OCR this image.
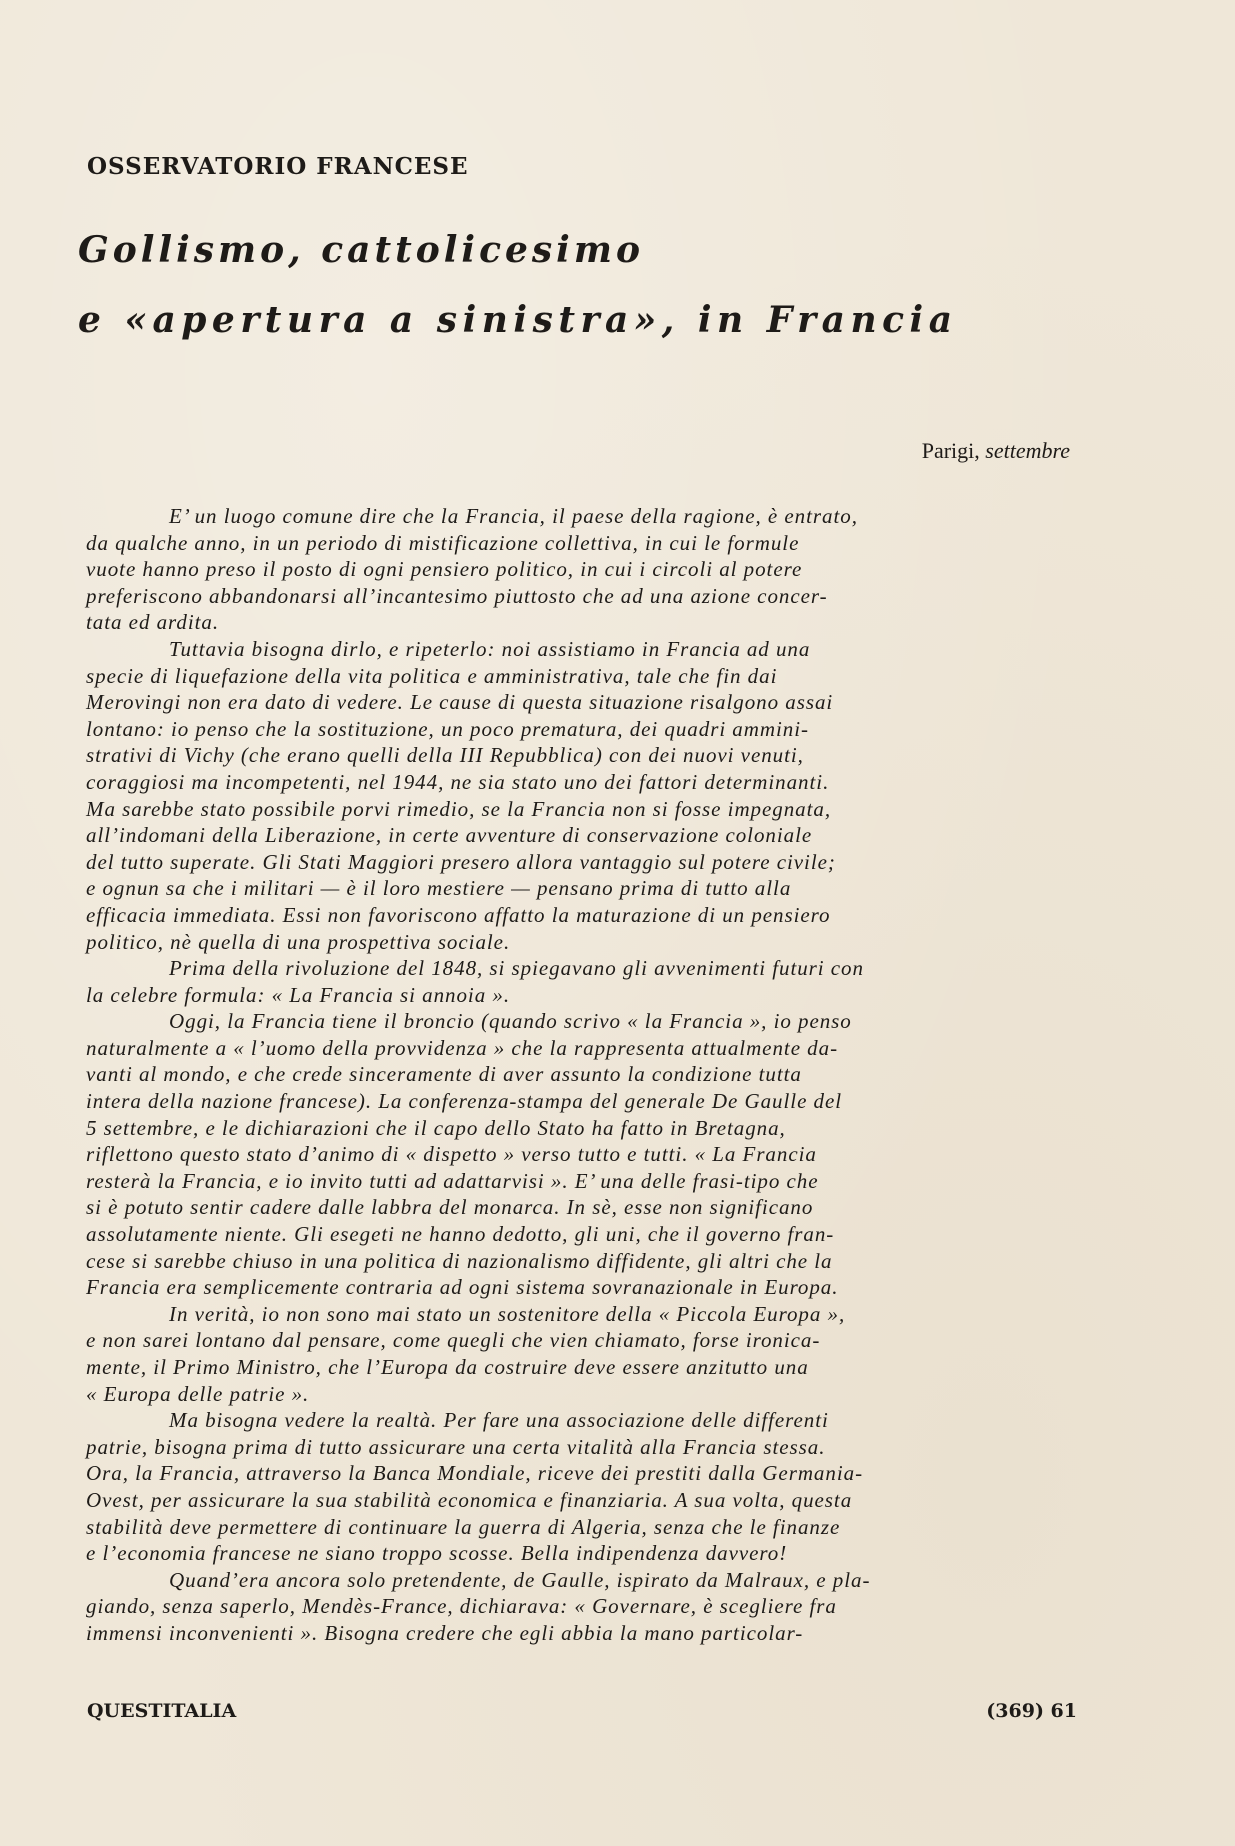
OSSERVATORIO FRANCESE
Gollismo, cattolicesimo
e «apertura a sinistra», in Francia
Parigi, settembre
E’ un luogo comune dire che la Francia, il paese della ragione, è entrato,
da qualche anno, in un periodo di mistificazione collettiva, in cui le formule
vuote hanno preso il posto di ogni pensiero politico, in cui i circoli al potere
preferiscono abbandonarsi all’incantesimo piuttosto che ad una azione concer-
tata ed ardita.
Tuttavia bisogna dirlo, e ripeterlo: noi assistiamo in Francia ad una
specie di liquefazione della vita politica e amministrativa, tale che fin dai
Merovingi non era dato di vedere. Le cause di questa situazione risalgono assai
lontano: io penso che la sostituzione, un poco prematura, dei quadri ammini-
strativi di Vichy (che erano quelli della III Repubblica) con dei nuovi venuti,
coraggiosi ma incompetenti, nel 1944, ne sia stato uno dei fattori determinanti.
Ma sarebbe stato possibile porvi rimedio, se la Francia non si fosse impegnata,
all’indomani della Liberazione, in certe avventure di conservazione coloniale
del tutto superate. Gli Stati Maggiori presero allora vantaggio sul potere civile;
e ognun sa che i militari — è il loro mestiere — pensano prima di tutto alla
efficacia immediata. Essi non favoriscono affatto la maturazione di un pensiero
politico, nè quella di una prospettiva sociale.
Prima della rivoluzione del 1848, si spiegavano gli avvenimenti futuri con
la celebre formula: « La Francia si annoia ».
Oggi, la Francia tiene il broncio (quando scrivo « la Francia », io penso
naturalmente a « l’uomo della provvidenza » che la rappresenta attualmente da-
vanti al mondo, e che crede sinceramente di aver assunto la condizione tutta
intera della nazione francese). La conferenza-stampa del generale De Gaulle del
5 settembre, e le dichiarazioni che il capo dello Stato ha fatto in Bretagna,
riflettono questo stato d’animo di « dispetto » verso tutto e tutti. « La Francia
resterà la Francia, e io invito tutti ad adattarvisi ». E’ una delle frasi-tipo che
si è potuto sentir cadere dalle labbra del monarca. In sè, esse non significano
assolutamente niente. Gli esegeti ne hanno dedotto, gli uni, che il governo fran-
cese si sarebbe chiuso in una politica di nazionalismo diffidente, gli altri che la
Francia era semplicemente contraria ad ogni sistema sovranazionale in Europa.
In verità, io non sono mai stato un sostenitore della « Piccola Europa »,
e non sarei lontano dal pensare, come quegli che vien chiamato, forse ironica-
mente, il Primo Ministro, che l’Europa da costruire deve essere anzitutto una
« Europa delle patrie ».
Ma bisogna vedere la realtà. Per fare una associazione delle differenti
patrie, bisogna prima di tutto assicurare una certa vitalità alla Francia stessa.
Ora, la Francia, attraverso la Banca Mondiale, riceve dei prestiti dalla Germania-
Ovest, per assicurare la sua stabilità economica e finanziaria. A sua volta, questa
stabilità deve permettere di continuare la guerra di Algeria, senza che le finanze
e l’economia francese ne siano troppo scosse. Bella indipendenza davvero!
Quand’era ancora solo pretendente, de Gaulle, ispirato da Malraux, e pla-
giando, senza saperlo, Mendès-France, dichiarava: « Governare, è scegliere fra
immensi inconvenienti ». Bisogna credere che egli abbia la mano particolar-
QUESTITALIA	(369) 61
